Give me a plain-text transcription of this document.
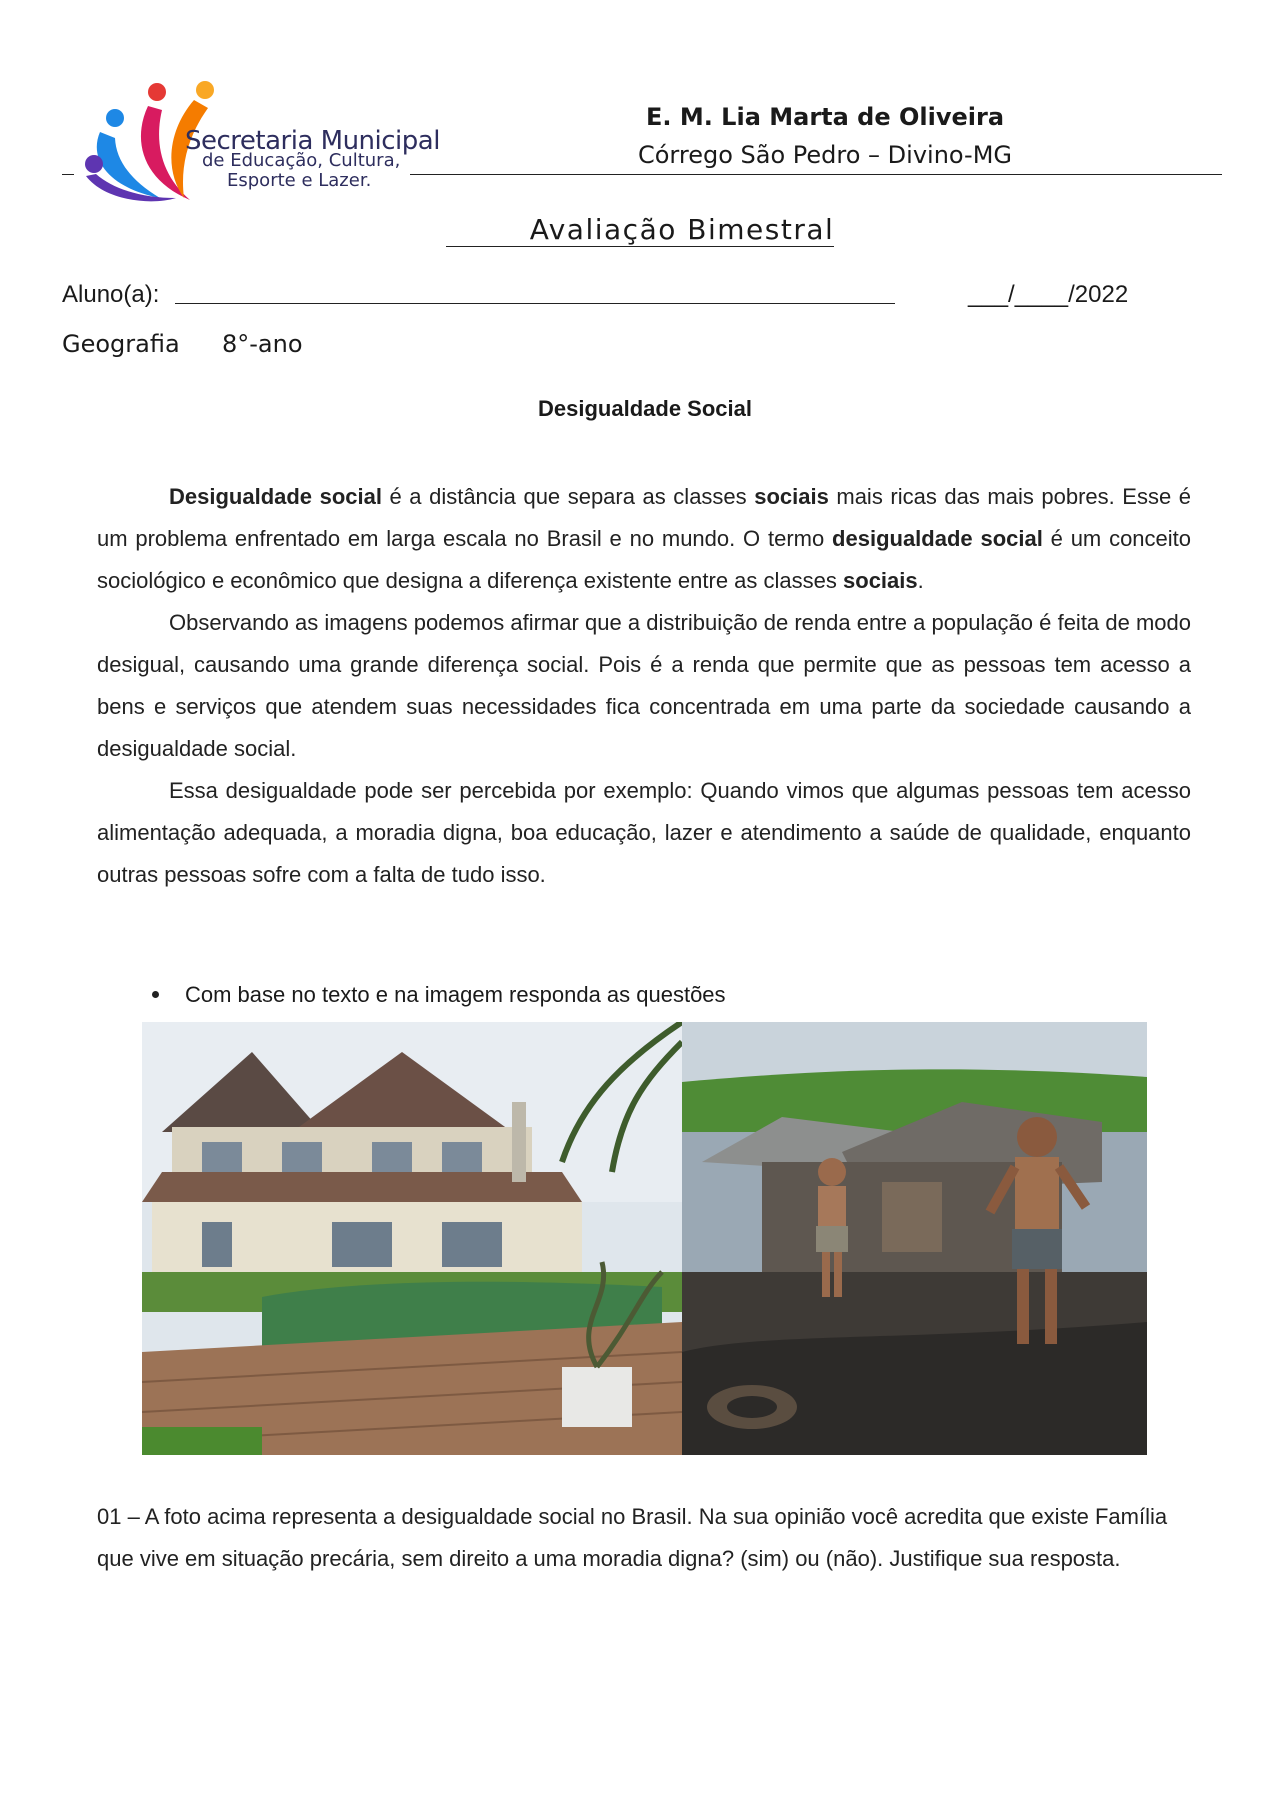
Secretaria Municipal
de Educação, Cultura,
Esporte e Lazer.
E. M. Lia Marta de Oliveira
Córrego São Pedro – Divino-MG
Avaliação Bimestral
Aluno(a):	___/____/2022
Geografia 8°-ano
Desigualdade Social

Desigualdade social é a distância que separa as classes sociais mais ricas das mais pobres. Esse é um problema enfrentado em larga escala no Brasil e no mundo. O termo desigualdade social é um conceito sociológico e econômico que designa a diferença existente entre as classes sociais.

Observando as imagens podemos afirmar que a distribuição de renda entre a população é feita de modo desigual, causando uma grande diferença social. Pois é a renda que permite que as pessoas tem acesso a bens e serviços que atendem suas necessidades fica concentrada em uma parte da sociedade causando a desigualdade social.

Essa desigualdade pode ser percebida por exemplo: Quando vimos que algumas pessoas tem acesso alimentação adequada, a moradia digna, boa educação, lazer e atendimento a saúde de qualidade, enquanto outras pessoas sofre com a falta de tudo isso.

Com base no texto e na imagem responda as questões
01 – A foto acima representa a desigualdade social no Brasil. Na sua opinião você acredita que existe Família que vive em situação precária, sem direito a uma moradia digna? (sim) ou (não). Justifique sua resposta.
